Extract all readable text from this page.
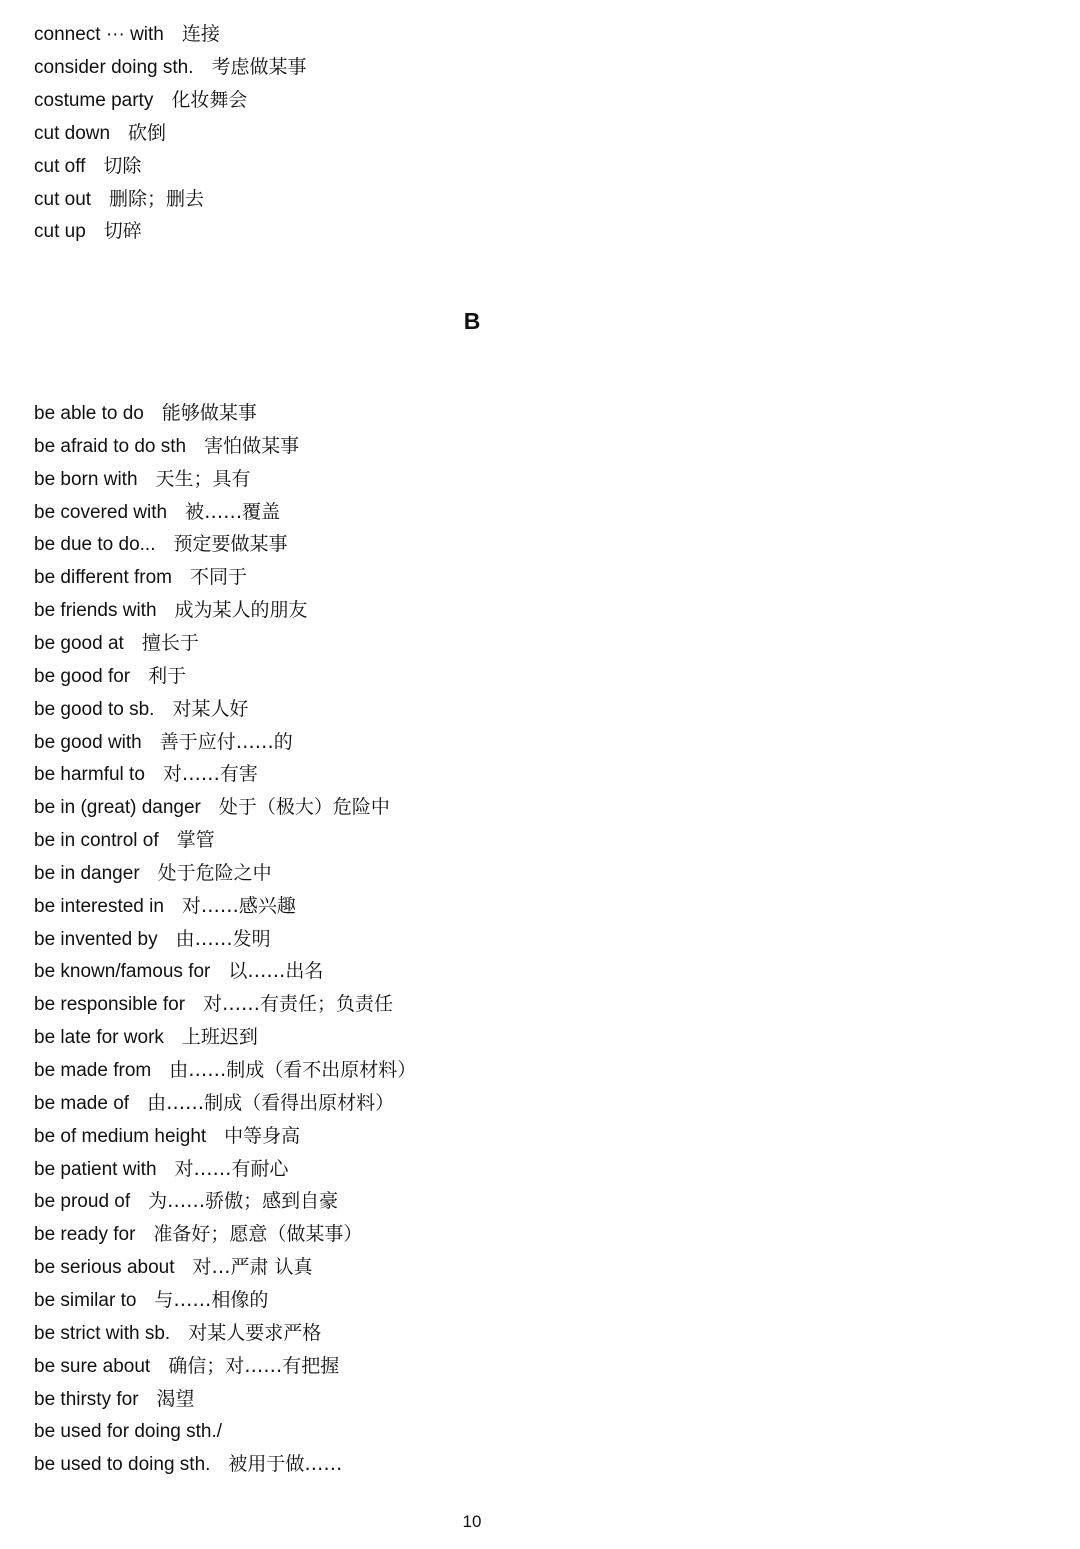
connect ··· with 连接
consider doing sth. 考虑做某事
costume party 化妆舞会
cut down 砍倒
cut off 切除
cut out 删除；删去
cut up 切碎
B
be able to do 能够做某事
be afraid to do sth 害怕做某事
be born with 天生；具有
be covered with 被……覆盖
be due to do... 预定要做某事
be different from 不同于
be friends with 成为某人的朋友
be good at 擅长于
be good for 利于
be good to sb. 对某人好
be good with 善于应付……的
be harmful to 对……有害
be in (great) danger 处于（极大）危险中
be in control of 掌管
be in danger 处于危险之中
be interested in 对……感兴趣
be invented by 由……发明
be known/famous for 以……出名
be responsible for 对……有责任；负责任
be late for work 上班迟到
be made from 由……制成（看不出原材料）
be made of 由……制成（看得出原材料）
be of medium height 中等身高
be patient with 对……有耐心
be proud of 为……骄傲；感到自豪
be ready for 准备好；愿意（做某事）
be serious about 对…严肃 认真
be similar to 与……相像的
be strict with sb. 对某人要求严格
be sure about 确信；对……有把握
be thirsty for 渴望
be used for doing sth./
be used to doing sth. 被用于做……
10
